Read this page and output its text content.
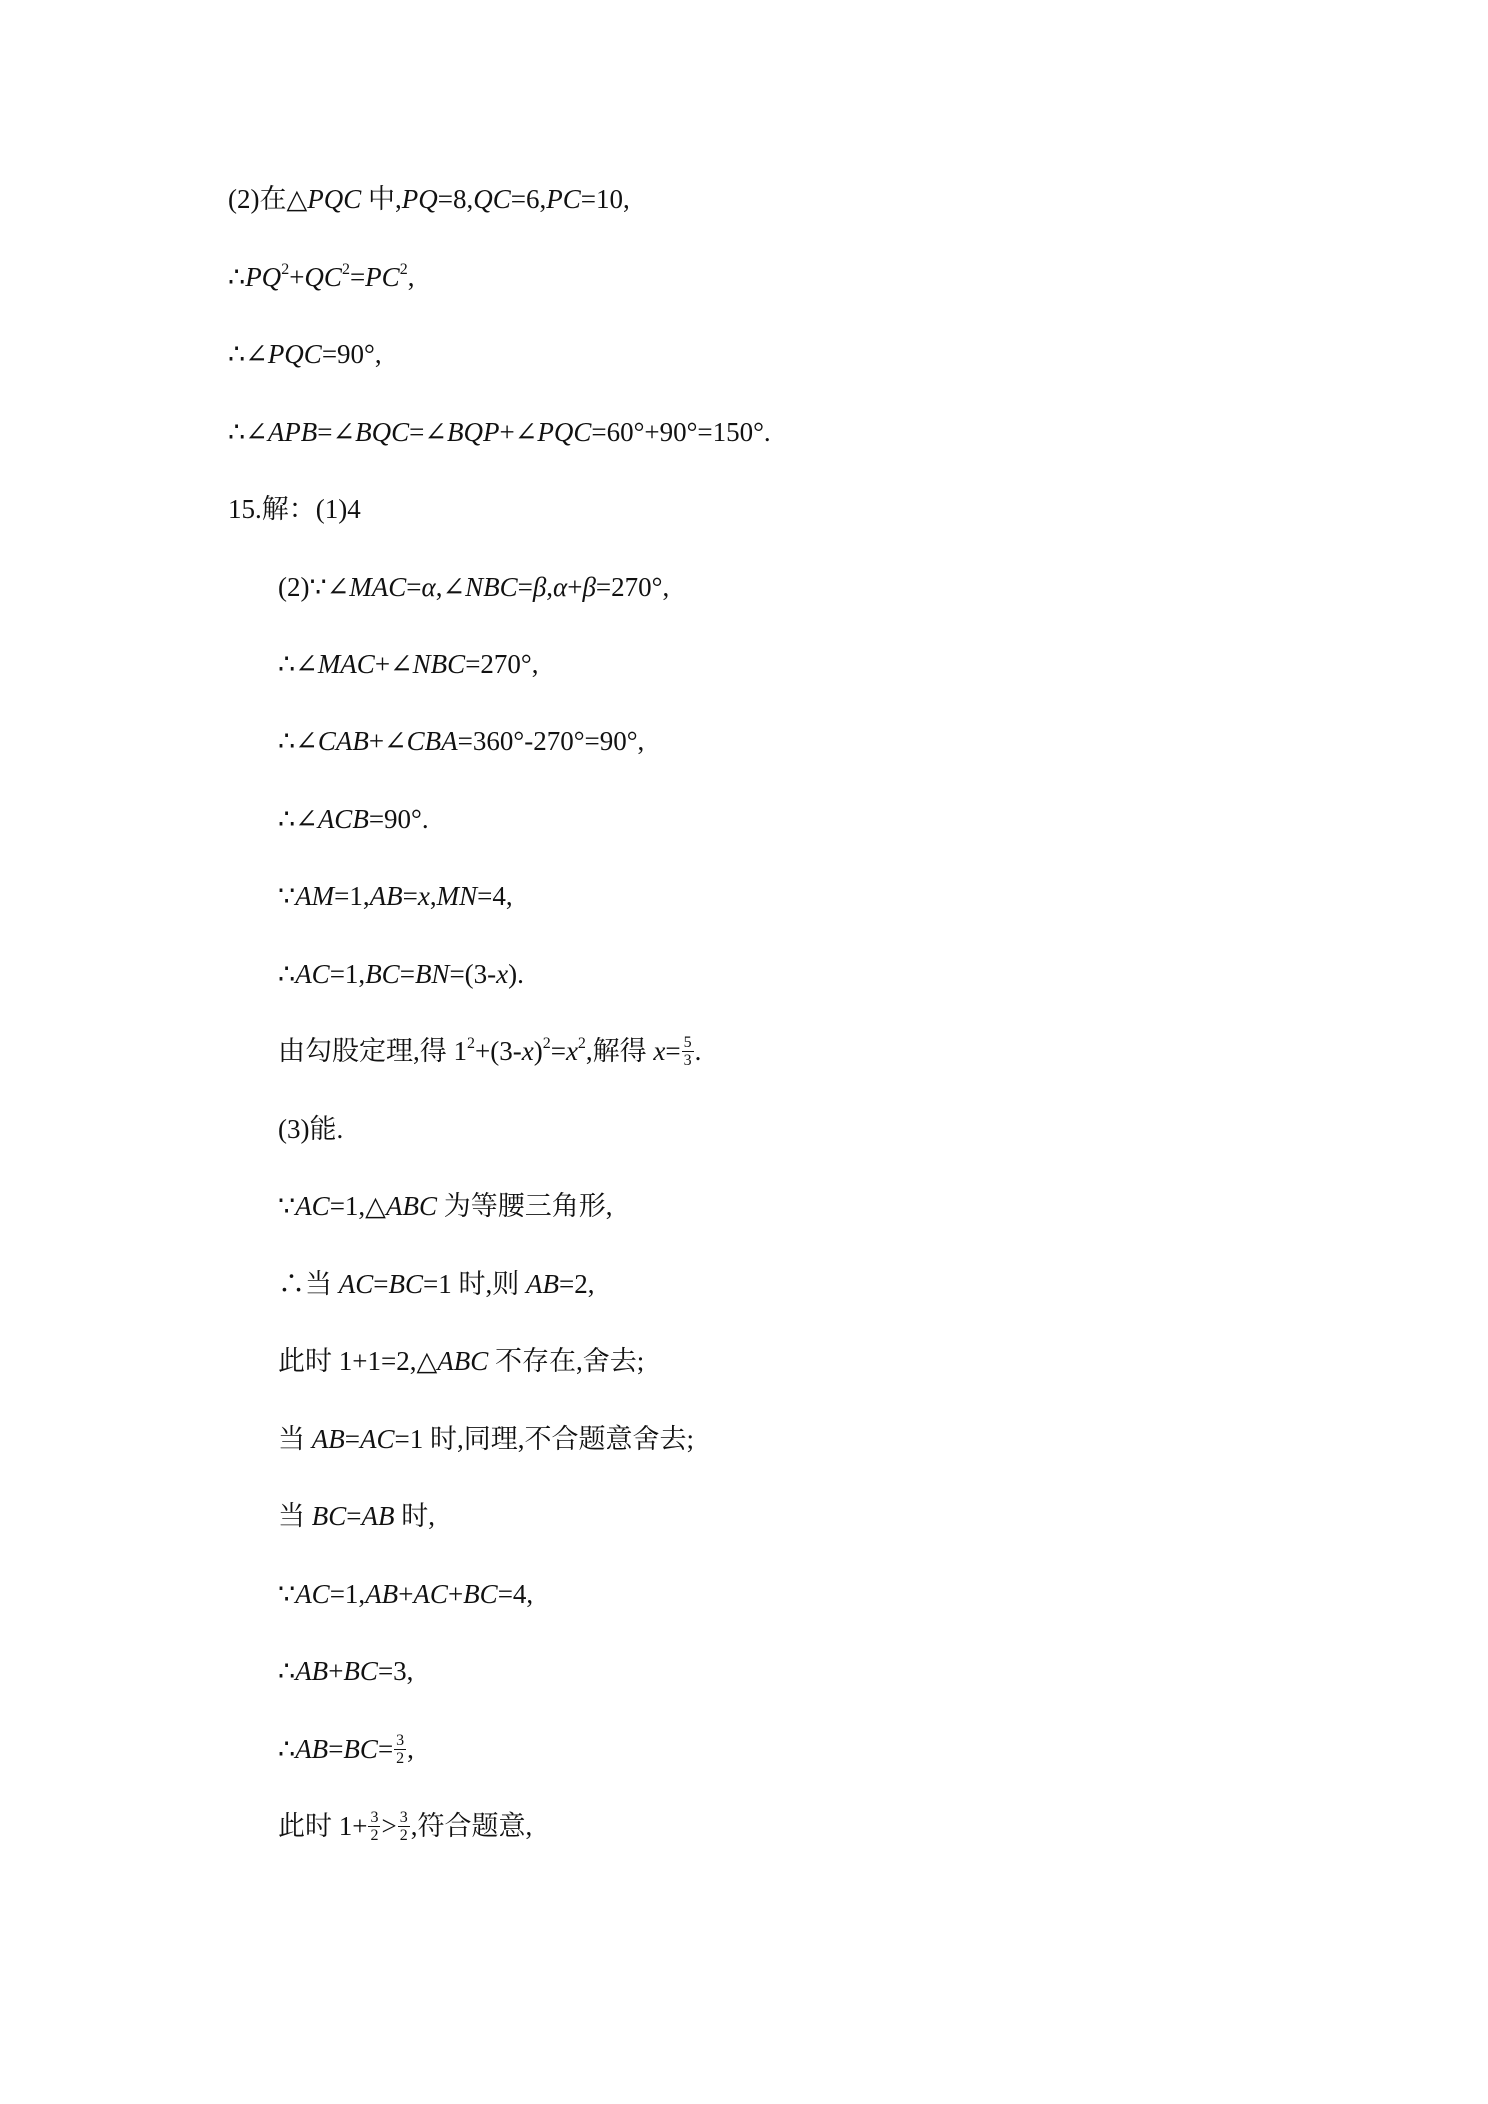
(2)在△PQC 中,PQ=8,QC=6,PC=10,
$\therefore PQ^2+QC^2=PC^2$,
∴∠PQC=90°,
∴∠APB=∠BQC=∠BQP+∠PQC=60°+90°=150°.
15.解：(1)4
(2)∵∠MAC=α,∠NBC=β,α+β=270°,
∴∠MAC+∠NBC=270°,
∴∠CAB+∠CBA=360°-270°=90°,
∴∠ACB=90°.
∵AM=1,AB=x,MN=4,
∴AC=1,BC=BN=(3-x).
由勾股定理,得 $1^2+(3-x)^2=x^2$,解得 $x= \frac{5}{3}$ .
(3)能.
∵AC=1,△ABC 为等腰三角形,
∴当 AC=BC=1 时,则 AB=2,
此时 1+1=2,△ABC 不存在,舍去;
当 AB=AC=1 时,同理,不合题意舍去;
当 BC=AB 时,
∵AC=1,AB+AC+BC=4,
∴AB+BC=3,
∴AB=BC= $\frac{3}{2}$ ,
此时 $1+ \frac{3}{2} > \frac{3}{2}$ ,符合题意,
